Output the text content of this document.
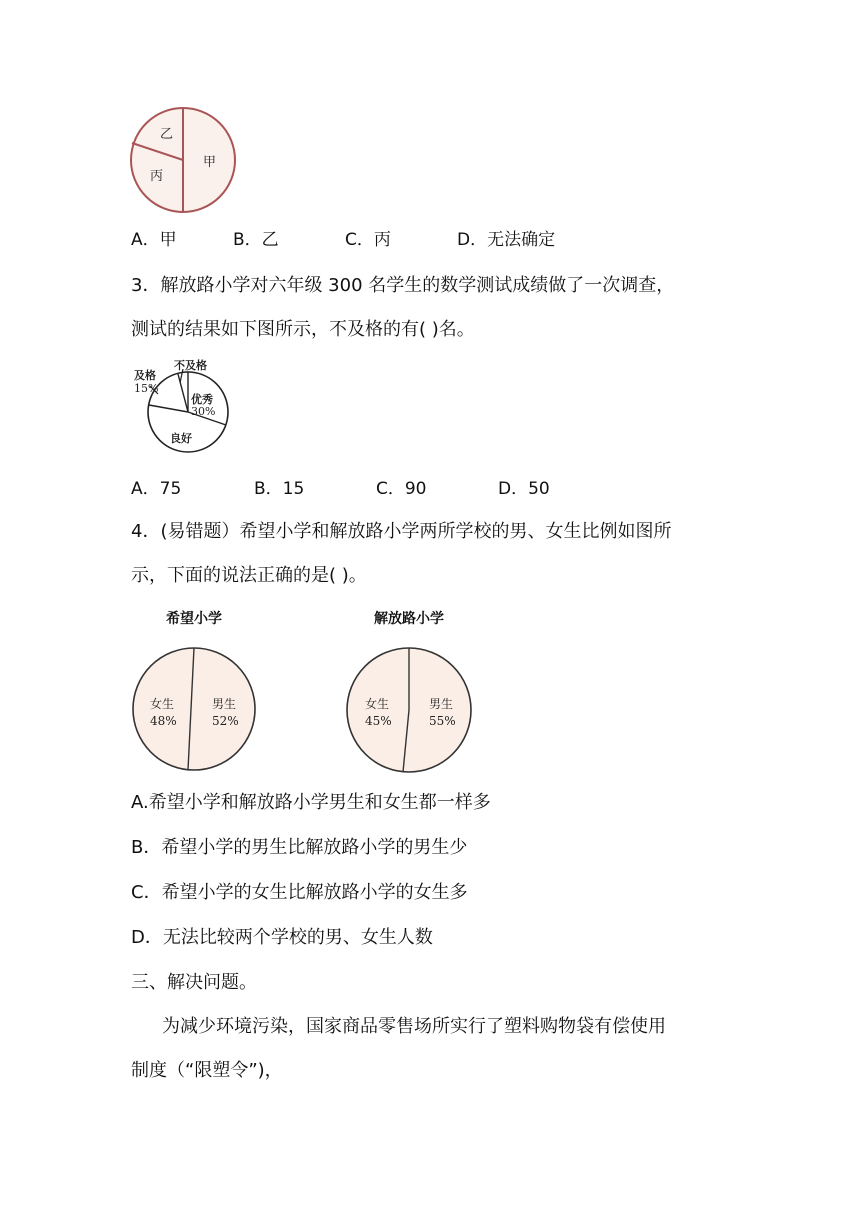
乙
甲
丙
A．甲	B．乙	C．丙	D．无法确定
3．解放路小学对六年级 300 名学生的数学测试成绩做了一次调查，
测试的结果如下图所示，不及格的有( )名。
不及格
及格
15%
优秀
30%
良好
A．75	B．15	C．90	D．50
4．(易错题）希望小学和解放路小学两所学校的男、女生比例如图所
示，下面的说法正确的是( )。
希望小学	解放路小学
女生
48%
男生
52%
女生
45%
男生
55%
A.希望小学和解放路小学男生和女生都一样多
B．希望小学的男生比解放路小学的男生少
C．希望小学的女生比解放路小学的女生多
D．无法比较两个学校的男、女生人数
三、解决问题。
为减少环境污染，国家商品零售场所实行了塑料购物袋有偿使用
制度（“限塑令”)，
